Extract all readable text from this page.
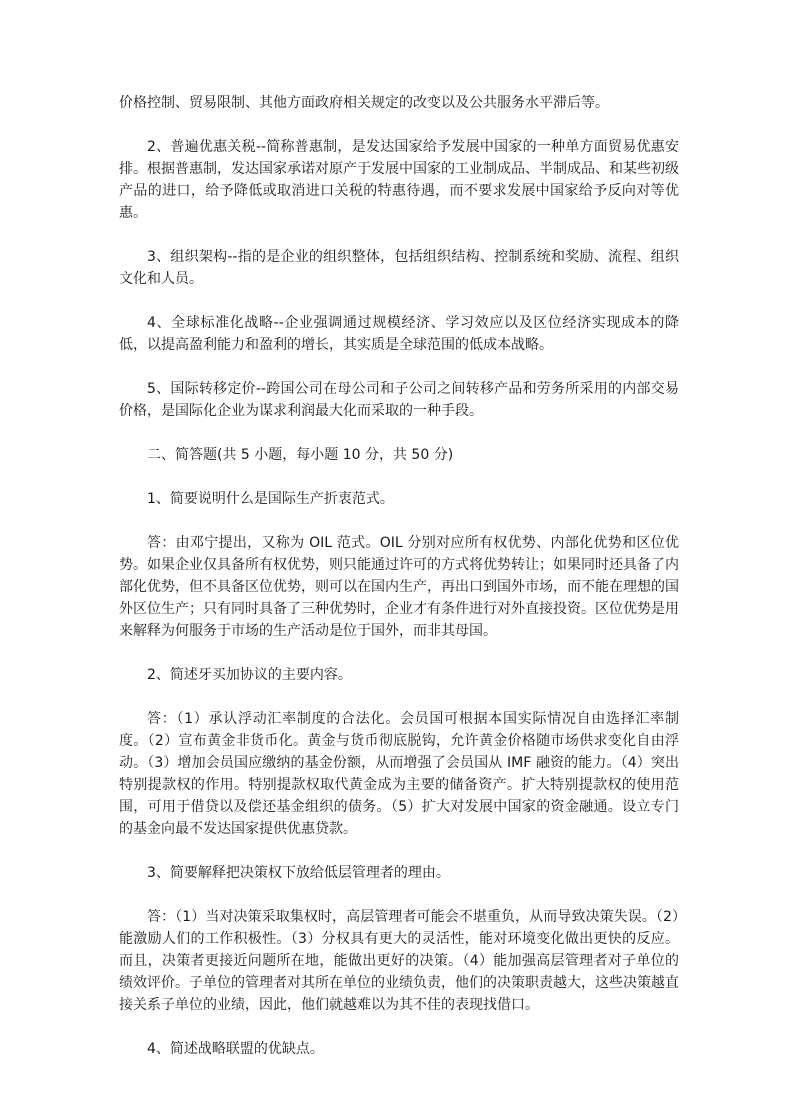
价格控制、贸易限制、其他方面政府相关规定的改变以及公共服务水平滞后等。

2、普遍优惠关税--简称普惠制，是发达国家给予发展中国家的一种单方面贸易优惠安排。根据普惠制，发达国家承诺对原产于发展中国家的工业制成品、半制成品、和某些初级产品的进口，给予降低或取消进口关税的特惠待遇，而不要求发展中国家给予反向对等优惠。

3、组织架构--指的是企业的组织整体，包括组织结构、控制系统和奖励、流程、组织文化和人员。

4、全球标准化战略--企业强调通过规模经济、学习效应以及区位经济实现成本的降低，以提高盈利能力和盈利的增长，其实质是全球范围的低成本战略。

5、国际转移定价--跨国公司在母公司和子公司之间转移产品和劳务所采用的内部交易价格，是国际化企业为谋求利润最大化而采取的一种手段。

二、简答题(共 5 小题，每小题 10 分，共 50 分)

1、简要说明什么是国际生产折衷范式。

答：由邓宁提出，又称为 OIL 范式。OIL 分别对应所有权优势、内部化优势和区位优势。如果企业仅具备所有权优势，则只能通过许可的方式将优势转让；如果同时还具备了内部化优势，但不具备区位优势，则可以在国内生产，再出口到国外市场，而不能在理想的国外区位生产；只有同时具备了三种优势时，企业才有条件进行对外直接投资。区位优势是用来解释为何服务于市场的生产活动是位于国外，而非其母国。

2、简述牙买加协议的主要内容。

答：（1）承认浮动汇率制度的合法化。会员国可根据本国实际情况自由选择汇率制度。（2）宣布黄金非货币化。黄金与货币彻底脱钩，允许黄金价格随市场供求变化自由浮动。（3）增加会员国应缴纳的基金份额，从而增强了会员国从 IMF 融资的能力。（4）突出特别提款权的作用。特别提款权取代黄金成为主要的储备资产。扩大特别提款权的使用范围，可用于借贷以及偿还基金组织的债务。（5）扩大对发展中国家的资金融通。设立专门的基金向最不发达国家提供优惠贷款。

3、简要解释把决策权下放给低层管理者的理由。

答：（1）当对决策采取集权时，高层管理者可能会不堪重负，从而导致决策失误。（2）能激励人们的工作积极性。（3）分权具有更大的灵活性，能对环境变化做出更快的反应。而且，决策者更接近问题所在地，能做出更好的决策。（4）能加强高层管理者对子单位的绩效评价。子单位的管理者对其所在单位的业绩负责，他们的决策职责越大，这些决策越直接关系子单位的业绩，因此，他们就越难以为其不佳的表现找借口。

4、简述战略联盟的优缺点。
